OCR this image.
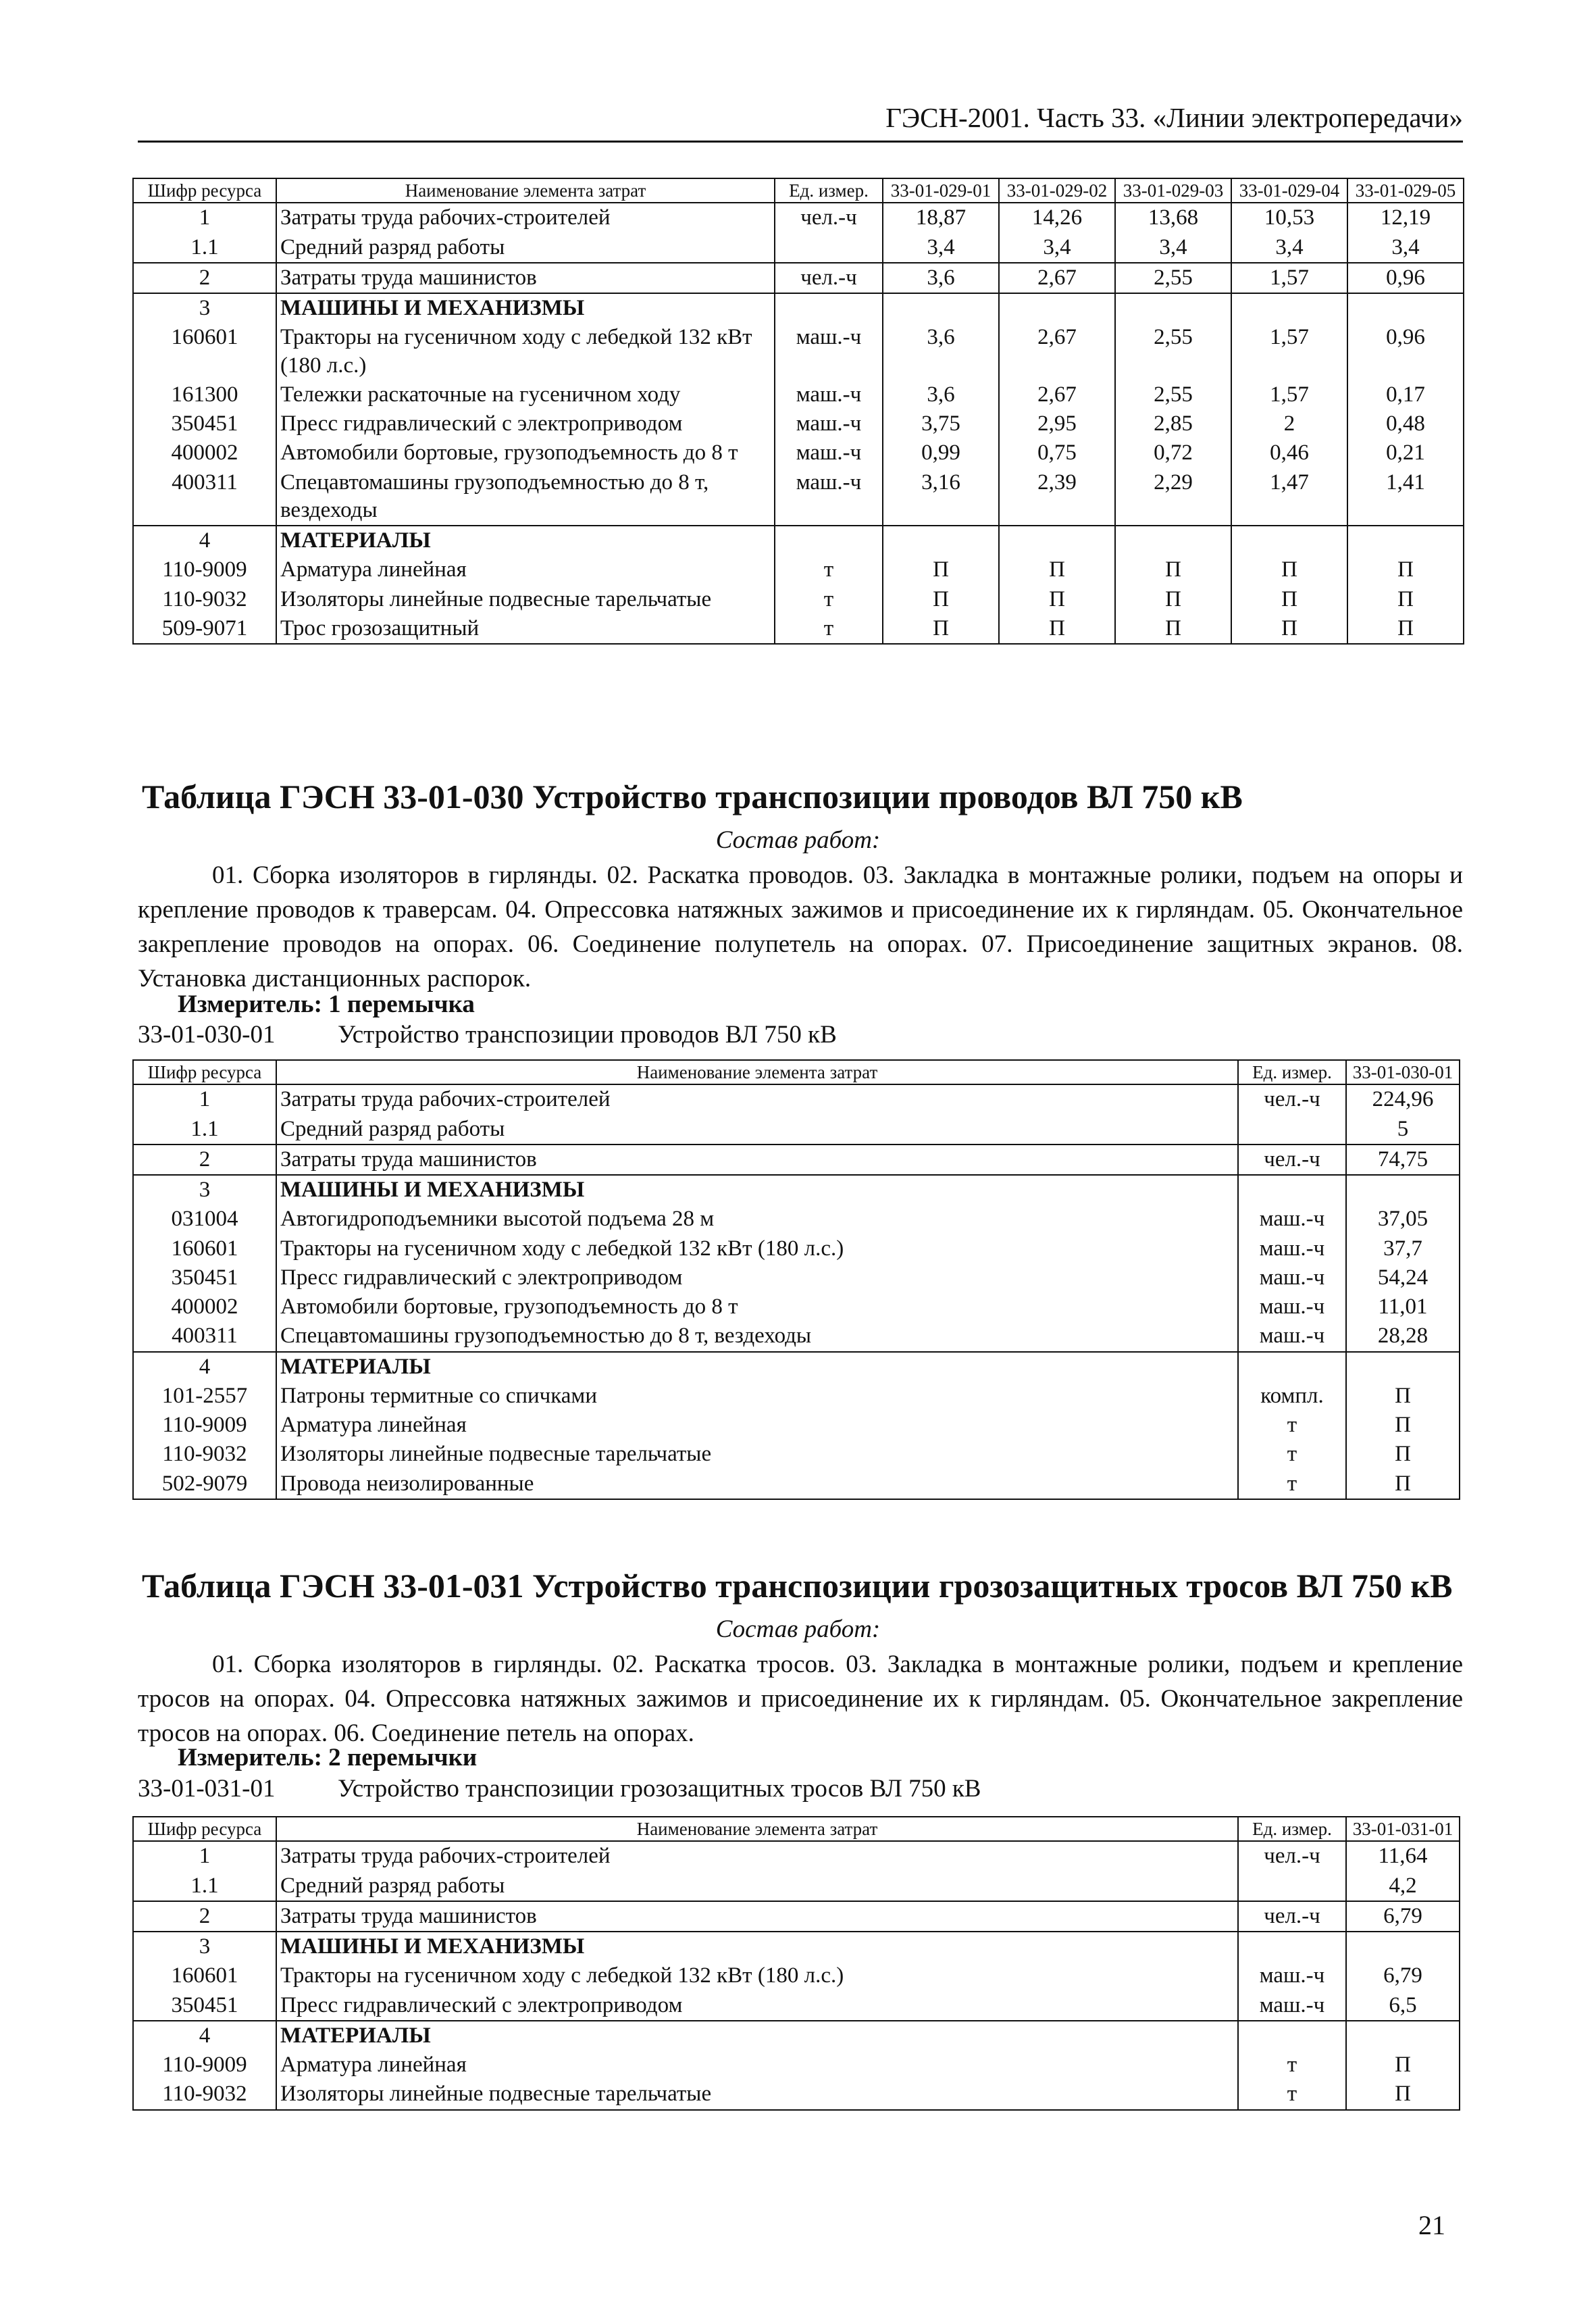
ГЭСН-2001. Часть 33. «Линии электропередачи»
Шифр ресурса	Наименование элемента затрат	Ед. измер.	33-01-029-01	33-01-029-02	33-01-029-03	33-01-029-04	33-01-029-05
1	Затраты труда рабочих-строителей	чел.-ч	18,87	14,26	13,68	10,53	12,19
1.1	Средний разряд работы		3,4	3,4	3,4	3,4	3,4
2	Затраты труда машинистов	чел.-ч	3,6	2,67	2,55	1,57	0,96
3	МАШИНЫ И МЕХАНИЗМЫ						
160601	Тракторы на гусеничном ходу с лебедкой 132 кВт (180 л.с.)	маш.-ч	3,6	2,67	2,55	1,57	0,96
161300	Тележки раскаточные на гусеничном ходу	маш.-ч	3,6	2,67	2,55	1,57	0,17
350451	Пресс гидравлический с электроприводом	маш.-ч	3,75	2,95	2,85	2	0,48
400002	Автомобили бортовые, грузоподъемность до 8 т	маш.-ч	0,99	0,75	0,72	0,46	0,21
400311	Спецавтомашины грузоподъемностью до 8 т, вездеходы	маш.-ч	3,16	2,39	2,29	1,47	1,41
4	МАТЕРИАЛЫ						
110-9009	Арматура линейная	т	П	П	П	П	П
110-9032	Изоляторы линейные подвесные тарельчатые	т	П	П	П	П	П
509-9071	Трос грозозащитный	т	П	П	П	П	П
Таблица ГЭСН 33-01-030 Устройство транспозиции проводов ВЛ 750 кВ
Состав работ:
01. Сборка изоляторов в гирлянды. 02. Раскатка проводов. 03. Закладка в монтажные ролики, подъем на опоры и крепление проводов к траверсам. 04. Опрессовка натяжных зажимов и присоединение их к гирляндам. 05. Окончательное закрепление проводов на опорах. 06. Соединение полупетель на опорах. 07. Присоединение защитных экранов. 08. Установка дистанционных распорок.
Измеритель: 1 перемычка
33-01-030-01	Устройство транспозиции проводов ВЛ 750 кВ
Шифр ресурса	Наименование элемента затрат	Ед. измер.	33-01-030-01
1	Затраты труда рабочих-строителей	чел.-ч	224,96
1.1	Средний разряд работы		5
2	Затраты труда машинистов	чел.-ч	74,75
3	МАШИНЫ И МЕХАНИЗМЫ		
031004	Автогидроподъемники высотой подъема 28 м	маш.-ч	37,05
160601	Тракторы на гусеничном ходу с лебедкой 132 кВт (180 л.с.)	маш.-ч	37,7
350451	Пресс гидравлический с электроприводом	маш.-ч	54,24
400002	Автомобили бортовые, грузоподъемность до 8 т	маш.-ч	11,01
400311	Спецавтомашины грузоподъемностью до 8 т, вездеходы	маш.-ч	28,28
4	МАТЕРИАЛЫ		
101-2557	Патроны термитные со спичками	компл.	П
110-9009	Арматура линейная	т	П
110-9032	Изоляторы линейные подвесные тарельчатые	т	П
502-9079	Провода неизолированные	т	П
Таблица ГЭСН 33-01-031 Устройство транспозиции грозозащитных тросов ВЛ 750 кВ
Состав работ:
01. Сборка изоляторов в гирлянды. 02. Раскатка тросов. 03. Закладка в монтажные ролики, подъем и крепление тросов на опорах. 04. Опрессовка натяжных зажимов и присоединение их к гирляндам. 05. Окончательное закрепление тросов на опорах. 06. Соединение петель на опорах.
Измеритель: 2 перемычки
33-01-031-01	Устройство транспозиции грозозащитных тросов ВЛ 750 кВ
Шифр ресурса	Наименование элемента затрат	Ед. измер.	33-01-031-01
1	Затраты труда рабочих-строителей	чел.-ч	11,64
1.1	Средний разряд работы		4,2
2	Затраты труда машинистов	чел.-ч	6,79
3	МАШИНЫ И МЕХАНИЗМЫ		
160601	Тракторы на гусеничном ходу с лебедкой 132 кВт (180 л.с.)	маш.-ч	6,79
350451	Пресс гидравлический с электроприводом	маш.-ч	6,5
4	МАТЕРИАЛЫ		
110-9009	Арматура линейная	т	П
110-9032	Изоляторы линейные подвесные тарельчатые	т	П
21
